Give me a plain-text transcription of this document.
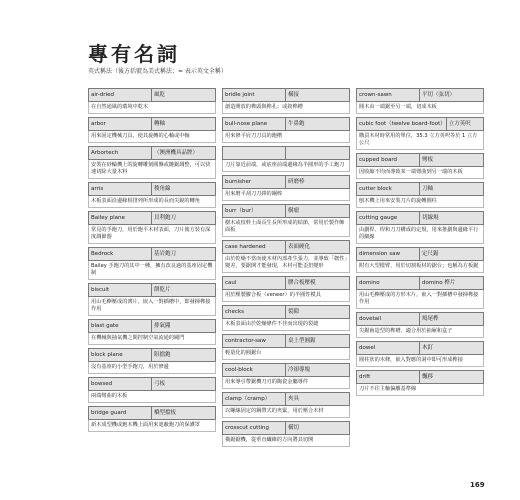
專有名詞
英式稱法（後方括號為美式稱法；= 表示英文全稱）
air-dried	風乾
在自然通風的環境中乾木
arbor	轉軸
用來固定機械刀具，使其旋轉的心軸或中軸
Arbortech	（澳洲機具品牌）
安裝在砂輪機上的旋轉雕刻圓盤或鏈鋸調整，可以快速切除大量木料
arris	稜角線
木板表面沿邊緣相排列所形成的長而尖銳的轉角
Bailey plane	貝利鉋刀
常見的手鉋刀，用於鉋平木材表面，刀片後方裝有深度調節器
Bedrock	基岩鉋刀
Bailey 手鉋刀的其中一種，擁有改良過的基座固定機制
biscuit	餅乾片
用山毛櫸壓成的薄片，嵌入一對插槽中，即發揮榫接作用
blast gate	排氣閥
在機械與抽氣機之間控制空氣流通的閥門
block plane	阻擋鉋
沒有基座的小型手鉋刀，用於修邊
bowsed	弓板
兩端彎曲的木板
bridge guard	橋型擋板
新木成型機或鉋木機上面用來遮蔽鉋刀的保護罩
bridle joint	橫接
創造開放的榫頭與榫孔；或鉸榫槽
bull-nose plane	牛鼻鉋
用來修平肩刀刀具的鉋槽
刀片靠近前端，或底座前端邊緣為半圓形的手工鉋刀
burnisher	研磨棒
用來磨平刮刀刀鋒的鋼棒
burr（bur）	樹瘤
樹木或枝幹上面長生長所形成的結節，常用於製作飾面板
case hardened	表面硬化
由於乾燥不當而使木材內部產生張力，並導致「韌性」變差，要鋸開才能發現，木材可能歪扭變形
caul	膠合板壓模
用於壓製膠合板（veneer）的半圓性模具
checks	裂隙
木板表面由於乾燥條件不佳而出現的裂縫
contractor-saw	桌上型圓鋸
輕量化的圓鋸台
cool-block	冷卻導塊
用來導引帶鋸機刀刃的陶瓷金屬導件
clamp（cramp）	夾具
以螺絲固定的鋼帶式的夾緊，用於壓合木材
crosscut cutting	橫切
橫鋸鋸機，從垂直纖維的方向將其切開
crown-sawn	平切（弦切）
圓木由一端鋸至另一端，切成木板
cubic foot（twelve board-foot） 立方英呎
購買木材時常用的單位，35.3 立方英呎等於 1 立方公尺
cupped board	彎板
因收縮不均而導致某一端彎曲到另一端的木板
cutter block	刀軸
刨木機上用來安裝刀片的旋轉圓柱
cutting gauge	切線規
由劃桿、桿和刀刀構成的定規，用來推劃與邊緣平行的細線
dimension saw	定尺鋸
附有大型檯臂，用於切割板材的鋸台；也稱為方板鋸
domino	domino 榫片
用山毛櫸壓成的方形木片，嵌入一對插槽中發揮榫接作用
dovetail	鳩尾榫
尖鋸齒造型的榫槽，適合用於抽屜和盒子
dowel	木釘
圓柱狀的木條，嵌入對應的洞中即可形成榫接
drift	飄移
刀片不往主軸偏離基準線
169
